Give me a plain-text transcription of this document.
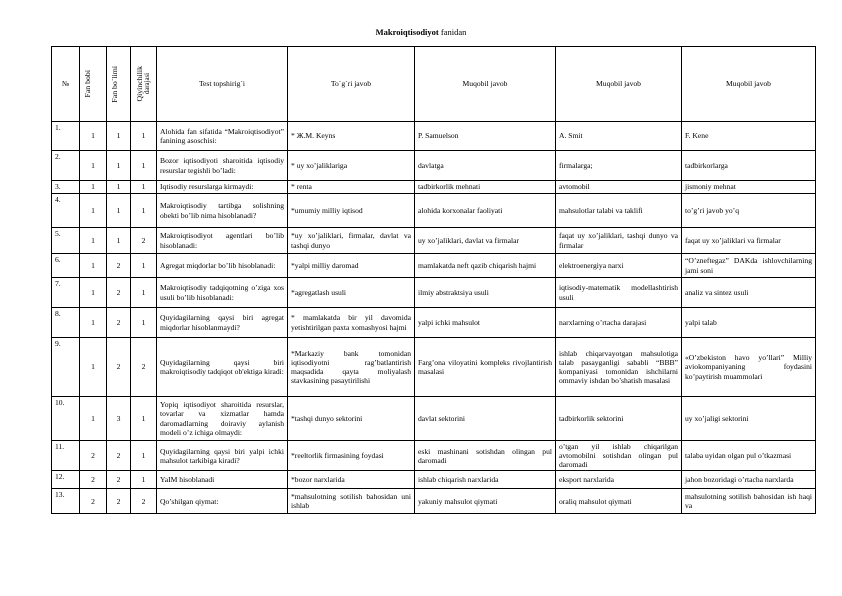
Makroiqtisodiyot fanidan
№	Fan bobi	Fan bo`limi	Qiyinchilikdarajasi	Test topshirig`i	To`g`ri javob	Muqobil javob	Muqobil javob	Muqobil javob
1.	1	1	1	Alohida fan sifatida “Makroiqtisodiyot” fanining asoschisi:	* Ж.M. Keyns	P. Samuelson	A. Smit	F. Kene
2.	1	1	1	Bozor iqtisodiyoti sharoitida iqtisodiy resurslar tegishli bo’ladi:	* uy xo’jaliklariga	davlatga	firmalarga;	tadbirkorlarga
3.	1	1	1	Iqtisodiy resurslarga kirmaydi:	* renta	tadbirkorlik mehnati	avtomobil	jismoniy mehnat
4.	1	1	1	Makroiqtisodiy tartibga solishning obekti bo’lib nima hisoblanadi?	*umumiy milliy iqtisod	alohida korxonalar faoliyati	mahsulotlar talabi va taklifi	to’g’ri javob yo’q
5.	1	1	2	Makroiqtisodiyot agentlari bo’lib hisoblanadi:	*uy xo’jaliklari, firmalar, davlat va tashqi dunyo	uy xo’jaliklari, davlat va firmalar	faqat uy xo’jaliklari, tashqi dunyo va firmalar	faqat uy xo’jaliklari va firmalar
6.	1	2	1	Agregat miqdorlar bo’lib hisoblanadi:	*yalpi milliy daromad	mamlakatda neft qazib chiqarish hajmi	elektroenergiya narxi	“O’zneftegaz” DAKda ishlovchilarning jami soni
7.	1	2	1	Makroiqtisodiy tadqiqotning o’ziga xos usuli bo’lib hisoblanadi:	*agregatlash usuli	ilmiy abstraktsiya usuli	iqtisodiy-matematik modellashtirish usuli	analiz va sintez usuli
8.	1	2	1	Quyidagilarning qaysi biri agregat miqdorlar hisoblanmaydi?	* mamlakatda bir yil davomida yetishtirilgan paxta xomashyosi hajmi	yalpi ichki mahsulot	narxlarning o’rtacha darajasi	yalpi talab
9.	1	2	2	Quyidagilarning qaysi biri makroiqtisodiy tadqiqot ob'ektiga kiradi:	*Markaziy bank tomonidan iqtisodiyotni rag’batlantirish maqsadida qayta moliyalash stavkasining pasaytirilishi	Farg’ona viloyatini kompleks rivojlantirish masalasi	ishlab chiqarvayotgan mahsulotiga talab pasayganligi sababli “BBB” kompaniyasi tomonidan ishchilarni ommaviy ishdan bo’shatish masalasi	«O’zbekiston havo yo’llari” Milliy aviokompaniyaning foydasini ko’paytirish muammolari
10.	1	3	1	Yopiq iqtisodiyot sharoitida resurslar, tovarlar va xizmatlar hamda daromadlarning doiraviy aylanish modeli o’z ichiga olmaydi:	*tashqi dunyo sektorini	davlat sektorini	tadbirkorlik sektorini	uy xo’jaligi sektorini
11.	2	2	1	Quyidagilarning qaysi biri yalpi ichki mahsulot tarkibiga kiradi?	*reeltorlik firmasining foydasi	eski mashinani sotishdan olingan pul daromadi	o’tgan yil ishlab chiqarilgan avtomobilni sotishdan olingan pul daromadi	talaba uyidan olgan pul o’tkazmasi
12.	2	2	1	YaIM hisoblanadi	*bozor narxlarida	ishlab chiqarish narxlarida	eksport narxlarida	jahon bozoridagi o’rtacha narxlarda
13.	2	2	2	Qo’shilgan qiymat:	*mahsulotning sotilish bahosidan uni ishlab	yakuniy mahsulot qiymati	oraliq mahsulot qiymati	mahsulotning sotilish bahosidan ish haqi va
